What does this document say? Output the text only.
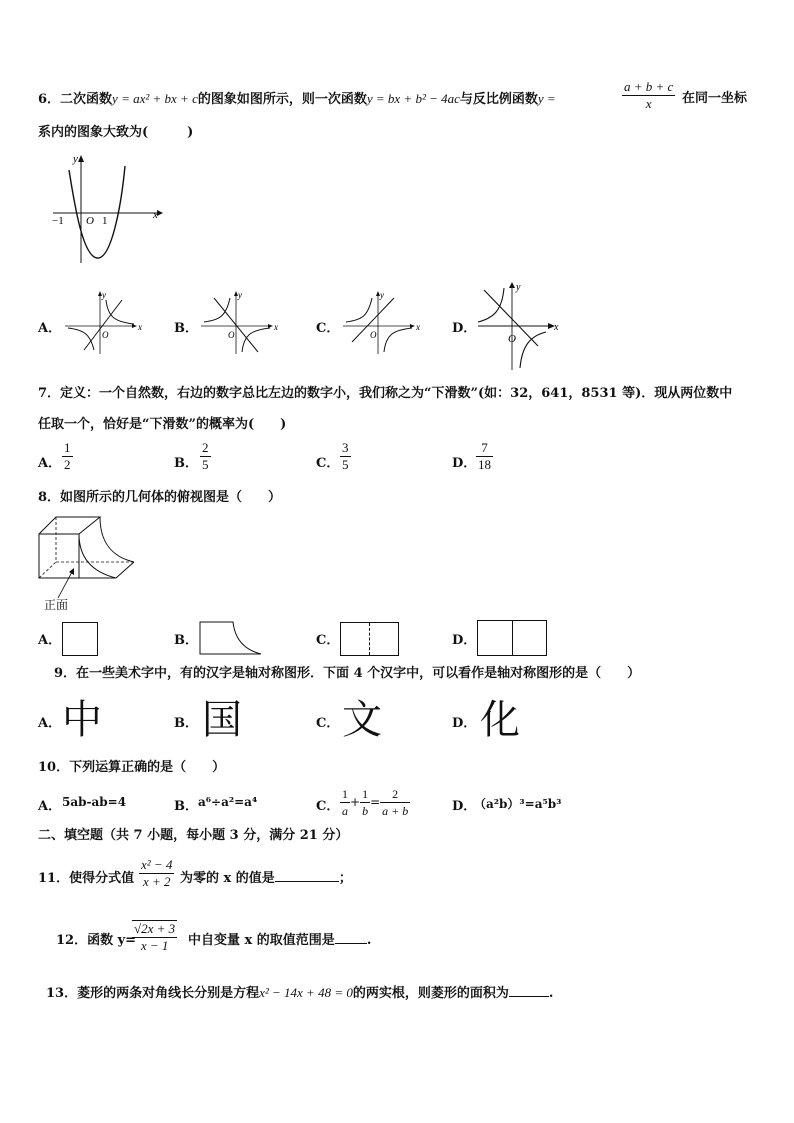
6．二次函数y = ax² + bx + c的图象如图所示，则一次函数y = bx + b² − 4ac与反比例函数y =	$\frac{a + b + c}{x}$ 在同一坐标
系内的图象大致为(　　　)
y
x
O
−1	1
A．
y
x
O	B．
y
x
O	C．
y
x
O	D．
y
x
O
7．定义：一个自然数，右边的数字总比左边的数字小，我们称之为“下滑数”(如：32，641，8531 等)．现从两位数中
任取一个，恰好是“下滑数”的概率为(　　)
A． $\frac{1}{2}$	B． $\frac{2}{5}$	C． $\frac{3}{5}$	D． $\frac{7}{18}$
8．如图所示的几何体的俯视图是（　　）
正面
A．	B．	C．	D．
9．在一些美术字中，有的汉字是轴对称图形．下面 4 个汉字中，可以看作是轴对称图形的是（　　）
A． 中	B． 国	C． 文	D． 化
10．下列运算正确的是（　　）
A． 5ab-ab=4	B． a⁶÷a²=a⁴	C． $\frac{1}{a} + \frac{1}{b} = \frac{2}{a + b}$	D．
（a²b）³=a⁵b³
二、填空题（共 7 小题，每小题 3 分，满分 21 分）
11．使得分式值 $\frac{\text{x² − 4}}{x + 2}$ 为零的 x 的值是	；
12．函数 y=
$\frac{√2x + 3}{x - 1}$ 中自变量 x 的取值范围是 .
13．菱形的两条对角线长分别是方程x² − 14x + 48 = 0的两实根，则菱形的面积为	.
